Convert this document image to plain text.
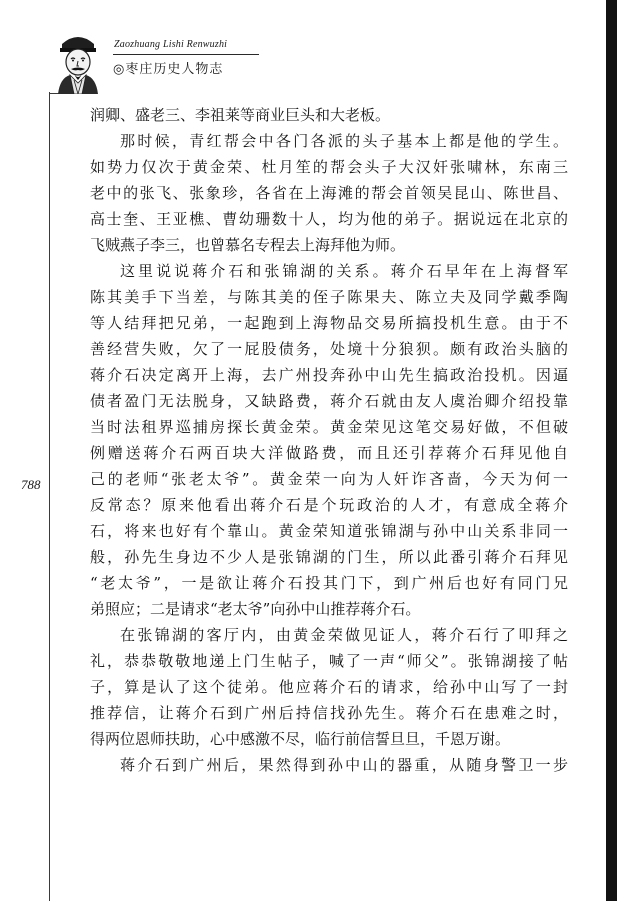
Zaozhuang Lishi Renwuzhi
◎枣庄历史人物志
788
润卿、盛老三、李祖莱等商业巨头和大老板。
那时候，青红帮会中各门各派的头子基本上都是他的学生。
如势力仅次于黄金荣、杜月笙的帮会头子大汉奸张啸林，东南三
老中的张飞、张象珍，各省在上海滩的帮会首领吴昆山、陈世昌、
高士奎、王亚樵、曹幼珊数十人，均为他的弟子。据说远在北京的
飞贼燕子李三，也曾慕名专程去上海拜他为师。
这里说说蒋介石和张锦湖的关系。蒋介石早年在上海督军
陈其美手下当差，与陈其美的侄子陈果夫、陈立夫及同学戴季陶
等人结拜把兄弟，一起跑到上海物品交易所搞投机生意。由于不
善经营失败，欠了一屁股债务，处境十分狼狈。颇有政治头脑的
蒋介石决定离开上海，去广州投奔孙中山先生搞政治投机。因逼
债者盈门无法脱身，又缺路费，蒋介石就由友人虞治卿介绍投靠
当时法租界巡捕房探长黄金荣。黄金荣见这笔交易好做，不但破
例赠送蒋介石两百块大洋做路费，而且还引荐蒋介石拜见他自
己的老师“张老太爷”。黄金荣一向为人奸诈吝啬，今天为何一
反常态？原来他看出蒋介石是个玩政治的人才，有意成全蒋介
石，将来也好有个靠山。黄金荣知道张锦湖与孙中山关系非同一
般，孙先生身边不少人是张锦湖的门生，所以此番引蒋介石拜见
“老太爷”，一是欲让蒋介石投其门下，到广州后也好有同门兄
弟照应；二是请求“老太爷”向孙中山推荐蒋介石。
在张锦湖的客厅内，由黄金荣做见证人，蒋介石行了叩拜之
礼，恭恭敬敬地递上门生帖子，喊了一声“师父”。张锦湖接了帖
子，算是认了这个徒弟。他应蒋介石的请求，给孙中山写了一封
推荐信，让蒋介石到广州后持信找孙先生。蒋介石在患难之时，
得两位恩师扶助，心中感激不尽，临行前信誓旦旦，千恩万谢。
蒋介石到广州后，果然得到孙中山的器重，从随身警卫一步
